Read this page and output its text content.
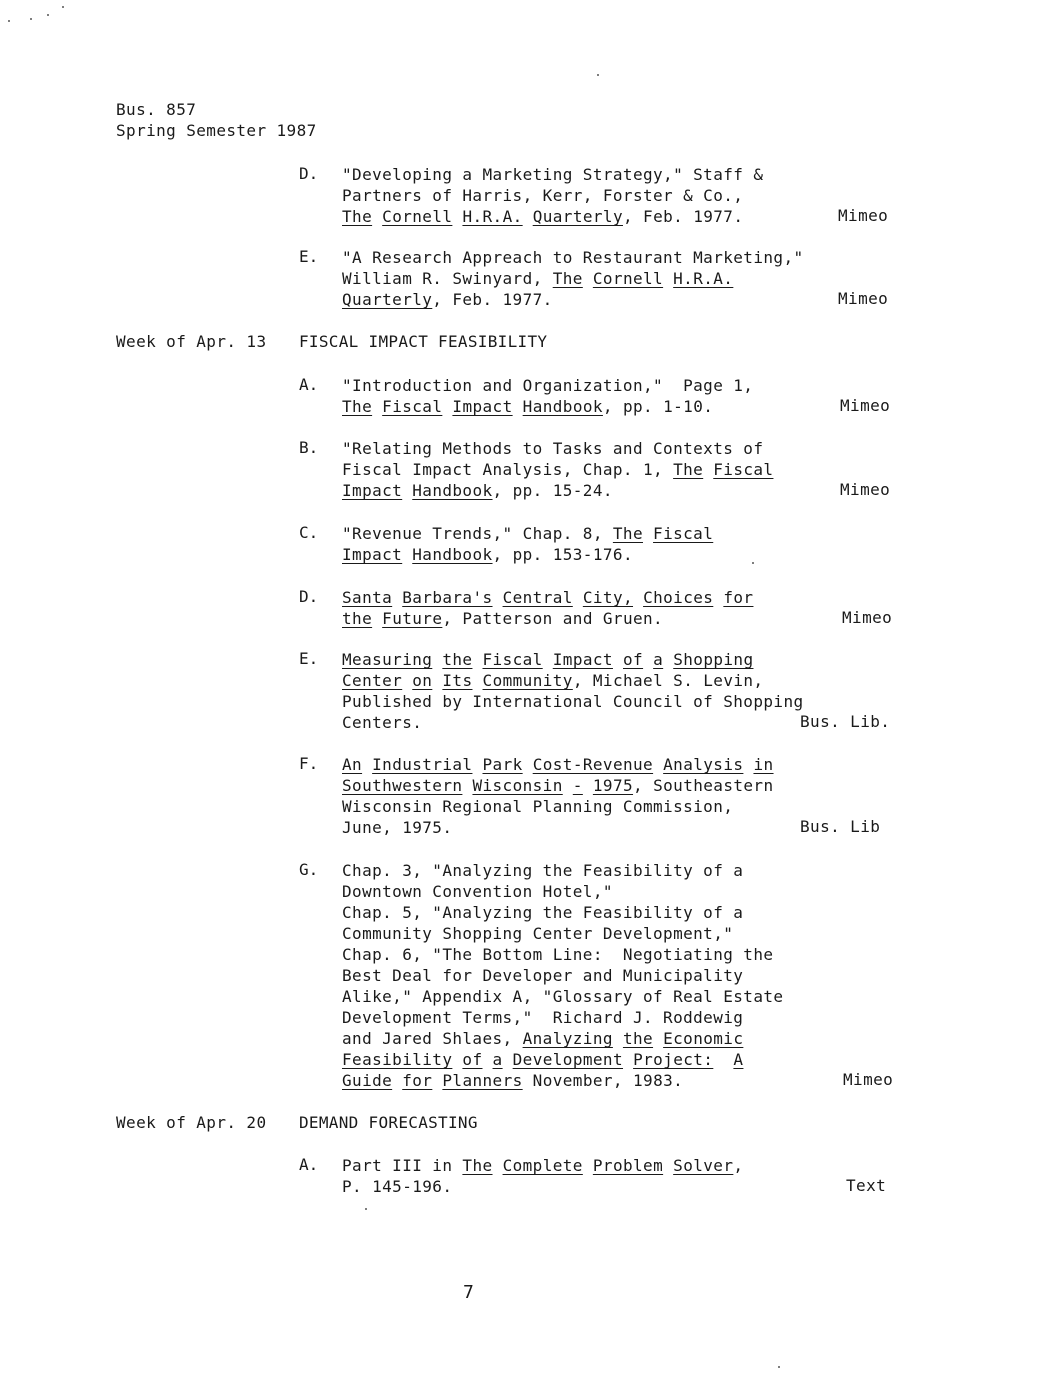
Bus. 857
Spring Semester 1987
D. "Developing a Marketing Strategy," Staff &
Partners of Harris, Kerr, Forster & Co.,
The Cornell H.R.A. Quarterly, Feb. 1977.	Mimeo
E. "A Research Appreach to Restaurant Marketing,"
William R. Swinyard, The Cornell H.R.A.
Quarterly, Feb. 1977.	Mimeo
Week of Apr. 13 FISCAL IMPACT FEASIBILITY
A. "Introduction and Organization,"  Page 1,
The Fiscal Impact Handbook, pp. 1-10.	Mimeo
B. "Relating Methods to Tasks and Contexts of
Fiscal Impact Analysis, Chap. 1, The Fiscal
Impact Handbook, pp. 15-24.	Mimeo
C. "Revenue Trends," Chap. 8, The Fiscal
Impact Handbook, pp. 153-176.
D. Santa Barbara's Central City, Choices for
the Future, Patterson and Gruen.	Mimeo
E. Measuring the Fiscal Impact of a Shopping
Center on Its Community, Michael S. Levin,
Published by International Council of Shopping
Centers.	Bus. Lib.
F. An Industrial Park Cost-Revenue Analysis in
Southwestern Wisconsin - 1975, Southeastern
Wisconsin Regional Planning Commission,
June, 1975.	Bus. Lib
G. Chap. 3, "Analyzing the Feasibility of a
Downtown Convention Hotel,"
Chap. 5, "Analyzing the Feasibility of a
Community Shopping Center Development,"
Chap. 6, "The Bottom Line:  Negotiating the
Best Deal for Developer and Municipality
Alike," Appendix A, "Glossary of Real Estate
Development Terms,"  Richard J. Roddewig
and Jared Shlaes, Analyzing the Economic
Feasibility of a Development Project: A
Guide for Planners November, 1983.	Mimeo
Week of Apr. 20 DEMAND FORECASTING
A. Part III in The Complete Problem Solver,
P. 145-196.	Text
7
